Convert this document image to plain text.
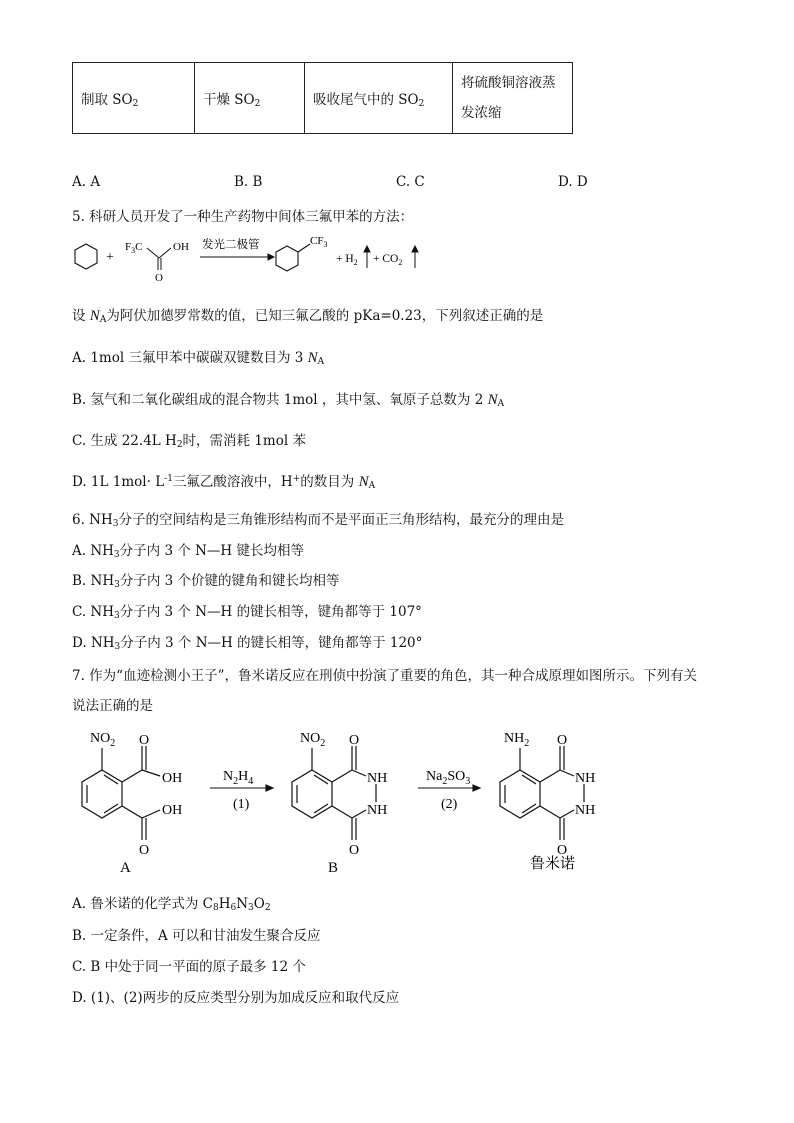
制取 $SO_2$	干燥 $SO_2$	吸收尾气中的 $SO_2$	将硫酸铜溶液蒸
发浓缩
A. A	B. B	C. C	D. D
5. 科研人员开发了一种生产药物中间体三氟甲苯的方法：
+
$F_3C$	OH
O
发光二极管	$CF_3$
+ $H_2 + CO_2$
设 $N_A$为阿伏加德罗常数的值，已知三氟乙酸的 pKa=0.23，下列叙述正确的是
A. 1mol 三氟甲苯中碳碳双键数目为 3 $N_A$
B. 氢气和二氧化碳组成的混合物共 1mol ，其中氢、氧原子总数为 2 $N_A$
C. 生成 22.4L $H_2$时，需消耗 1mol 苯
D. 1L $1mol\cdot L^{-1}$三氟乙酸溶液中，H+的数目为 $N_A$
6. $NH_3$分子的空间结构是三角锥形结构而不是平面正三角形结构，最充分的理由是
A. $NH_3$分子内 3 个 N—H 键长均相等
B. $NH_3$分子内 3 个价键的键角和键长均相等
C. $NH_3$分子内 3 个 N—H 的键长相等，键角都等于 107°
D. $NH_3$分子内 3 个 N—H 的键长相等，键角都等于 120°
7. 作为“血迹检测小王子”，鲁米诺反应在刑侦中扮演了重要的角色，其一种合成原理如图所示。下列有关
说法正确的是
$NO_2$ O
OH
OH
O
A
$N_2H_4$
(1)
$NO_2$ O
NH
NH
O
B
$Na_2SO_3$
(2)
$NH_2$ O
NH
NH
O
鲁米诺
A. 鲁米诺的化学式为 $C_8H_6N_3O_2$
B. 一定条件，A 可以和甘油发生聚合反应
C. B 中处于同一平面的原子最多 12 个
D. (1)、(2)两步的反应类型分别为加成反应和取代反应
